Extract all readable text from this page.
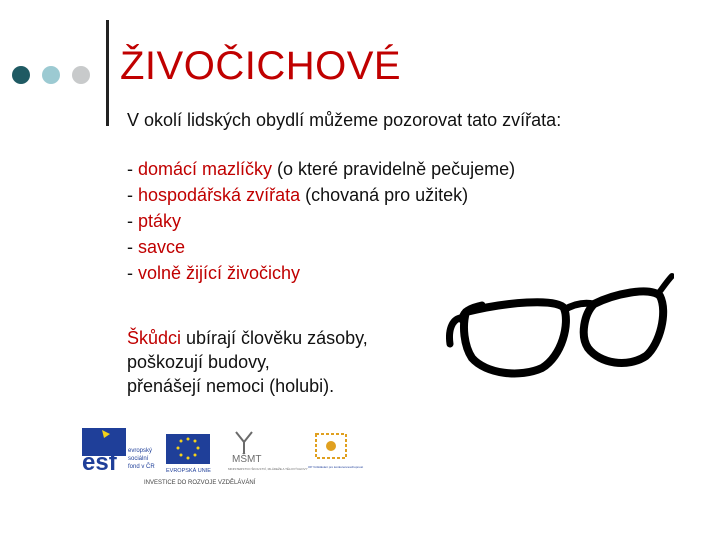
ŽIVOČICHOVÉ
V okolí lidských obydlí můžeme pozorovat tato zvířata:
- domácí mazlíčky (o které pravidelně pečujeme)
- hospodářská zvířata (chovaná pro užitek)
- ptáky
- savce
- volně žijící živočichy
Škůdci ubírají člověku zásoby,
poškozují budovy,
přenášejí nemoci (holubi).
esf evropský
sociální
fond v ČR
EVROPSKÁ UNIE
MŠMT
MINISTERSTVO ŠKOLSTVÍ, MLÁDEŽE A TĚLOVÝCHOVY OP Vzdělávání pro konkurenceschopnost
INVESTICE DO ROZVOJE VZDĚLÁVÁNÍ
